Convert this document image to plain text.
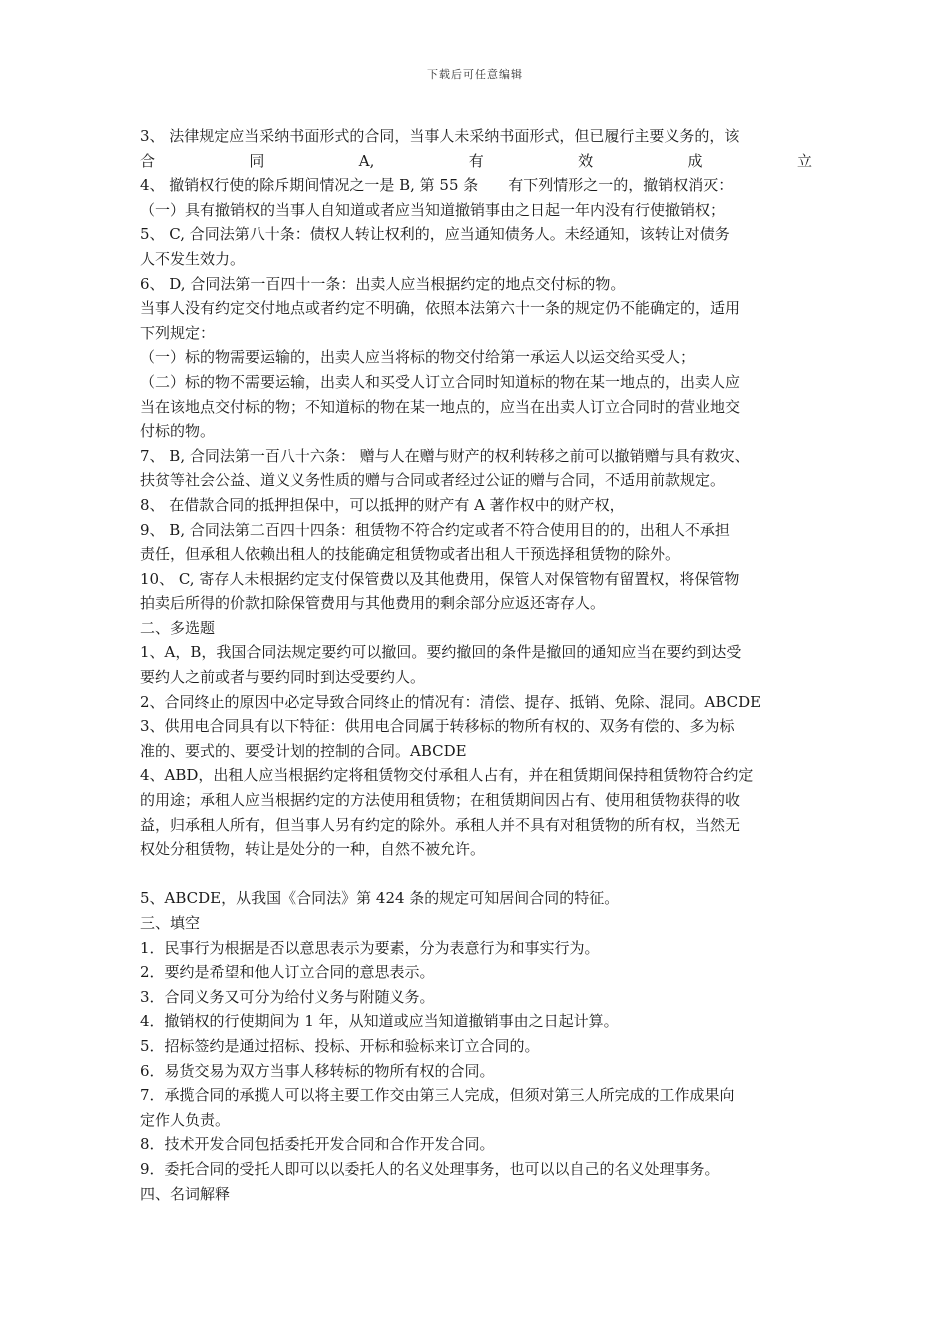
下载后可任意编辑
3、 法律规定应当采纳书面形式的合同，当事人未采纳书面形式，但已履行主要义务的，该
合	同	A,	有	效	成	立
4、 撤销权行使的除斥期间情况之一是 B, 第 55 条　　有下列情形之一的，撤销权消灭：
（一）具有撤销权的当事人自知道或者应当知道撤销事由之日起一年内没有行使撤销权；
5、 C, 合同法第八十条：债权人转让权利的，应当通知债务人。未经通知，该转让对债务
人不发生效力。
6、 D, 合同法第一百四十一条：出卖人应当根据约定的地点交付标的物。
当事人没有约定交付地点或者约定不明确，依照本法第六十一条的规定仍不能确定的，适用
下列规定：
（一）标的物需要运输的，出卖人应当将标的物交付给第一承运人以运交给买受人；
（二）标的物不需要运输，出卖人和买受人订立合同时知道标的物在某一地点的，出卖人应
当在该地点交付标的物；不知道标的物在某一地点的，应当在出卖人订立合同时的营业地交
付标的物。
7、 B, 合同法第一百八十六条： 赠与人在赠与财产的权利转移之前可以撤销赠与具有救灾、
扶贫等社会公益、道义义务性质的赠与合同或者经过公证的赠与合同，不适用前款规定。
8、 在借款合同的抵押担保中，可以抵押的财产有 A 著作权中的财产权，
9、 B, 合同法第二百四十四条：租赁物不符合约定或者不符合使用目的的，出租人不承担
责任，但承租人依赖出租人的技能确定租赁物或者出租人干预选择租赁物的除外。
10、 C, 寄存人未根据约定支付保管费以及其他费用，保管人对保管物有留置权，将保管物
拍卖后所得的价款扣除保管费用与其他费用的剩余部分应返还寄存人。
二、多选题
1、A，B，我国合同法规定要约可以撤回。要约撤回的条件是撤回的通知应当在要约到达受
要约人之前或者与要约同时到达受要约人。
2、合同终止的原因中必定导致合同终止的情况有：清偿、提存、抵销、免除、混同。ABCDE
3、供用电合同具有以下特征：供用电合同属于转移标的物所有权的、双务有偿的、多为标
准的、要式的、要受计划的控制的合同。ABCDE
4、ABD，出租人应当根据约定将租赁物交付承租人占有，并在租赁期间保持租赁物符合约定
的用途；承租人应当根据约定的方法使用租赁物；在租赁期间因占有、使用租赁物获得的收
益，归承租人所有，但当事人另有约定的除外。承租人并不具有对租赁物的所有权，当然无
权处分租赁物，转让是处分的一种，自然不被允许。
5、ABCDE，从我国《合同法》第 424 条的规定可知居间合同的特征。
三、填空
1．民事行为根据是否以意思表示为要素，分为表意行为和事实行为。
2．要约是希望和他人订立合同的意思表示。
3．合同义务又可分为给付义务与附随义务。
4．撤销权的行使期间为 1 年，从知道或应当知道撤销事由之日起计算。
5．招标签约是通过招标、投标、开标和验标来订立合同的。
6．易货交易为双方当事人移转标的物所有权的合同。
7．承揽合同的承揽人可以将主要工作交由第三人完成，但须对第三人所完成的工作成果向
定作人负责。
8．技术开发合同包括委托开发合同和合作开发合同。
9．委托合同的受托人即可以以委托人的名义处理事务，也可以以自己的名义处理事务。
四、名词解释
